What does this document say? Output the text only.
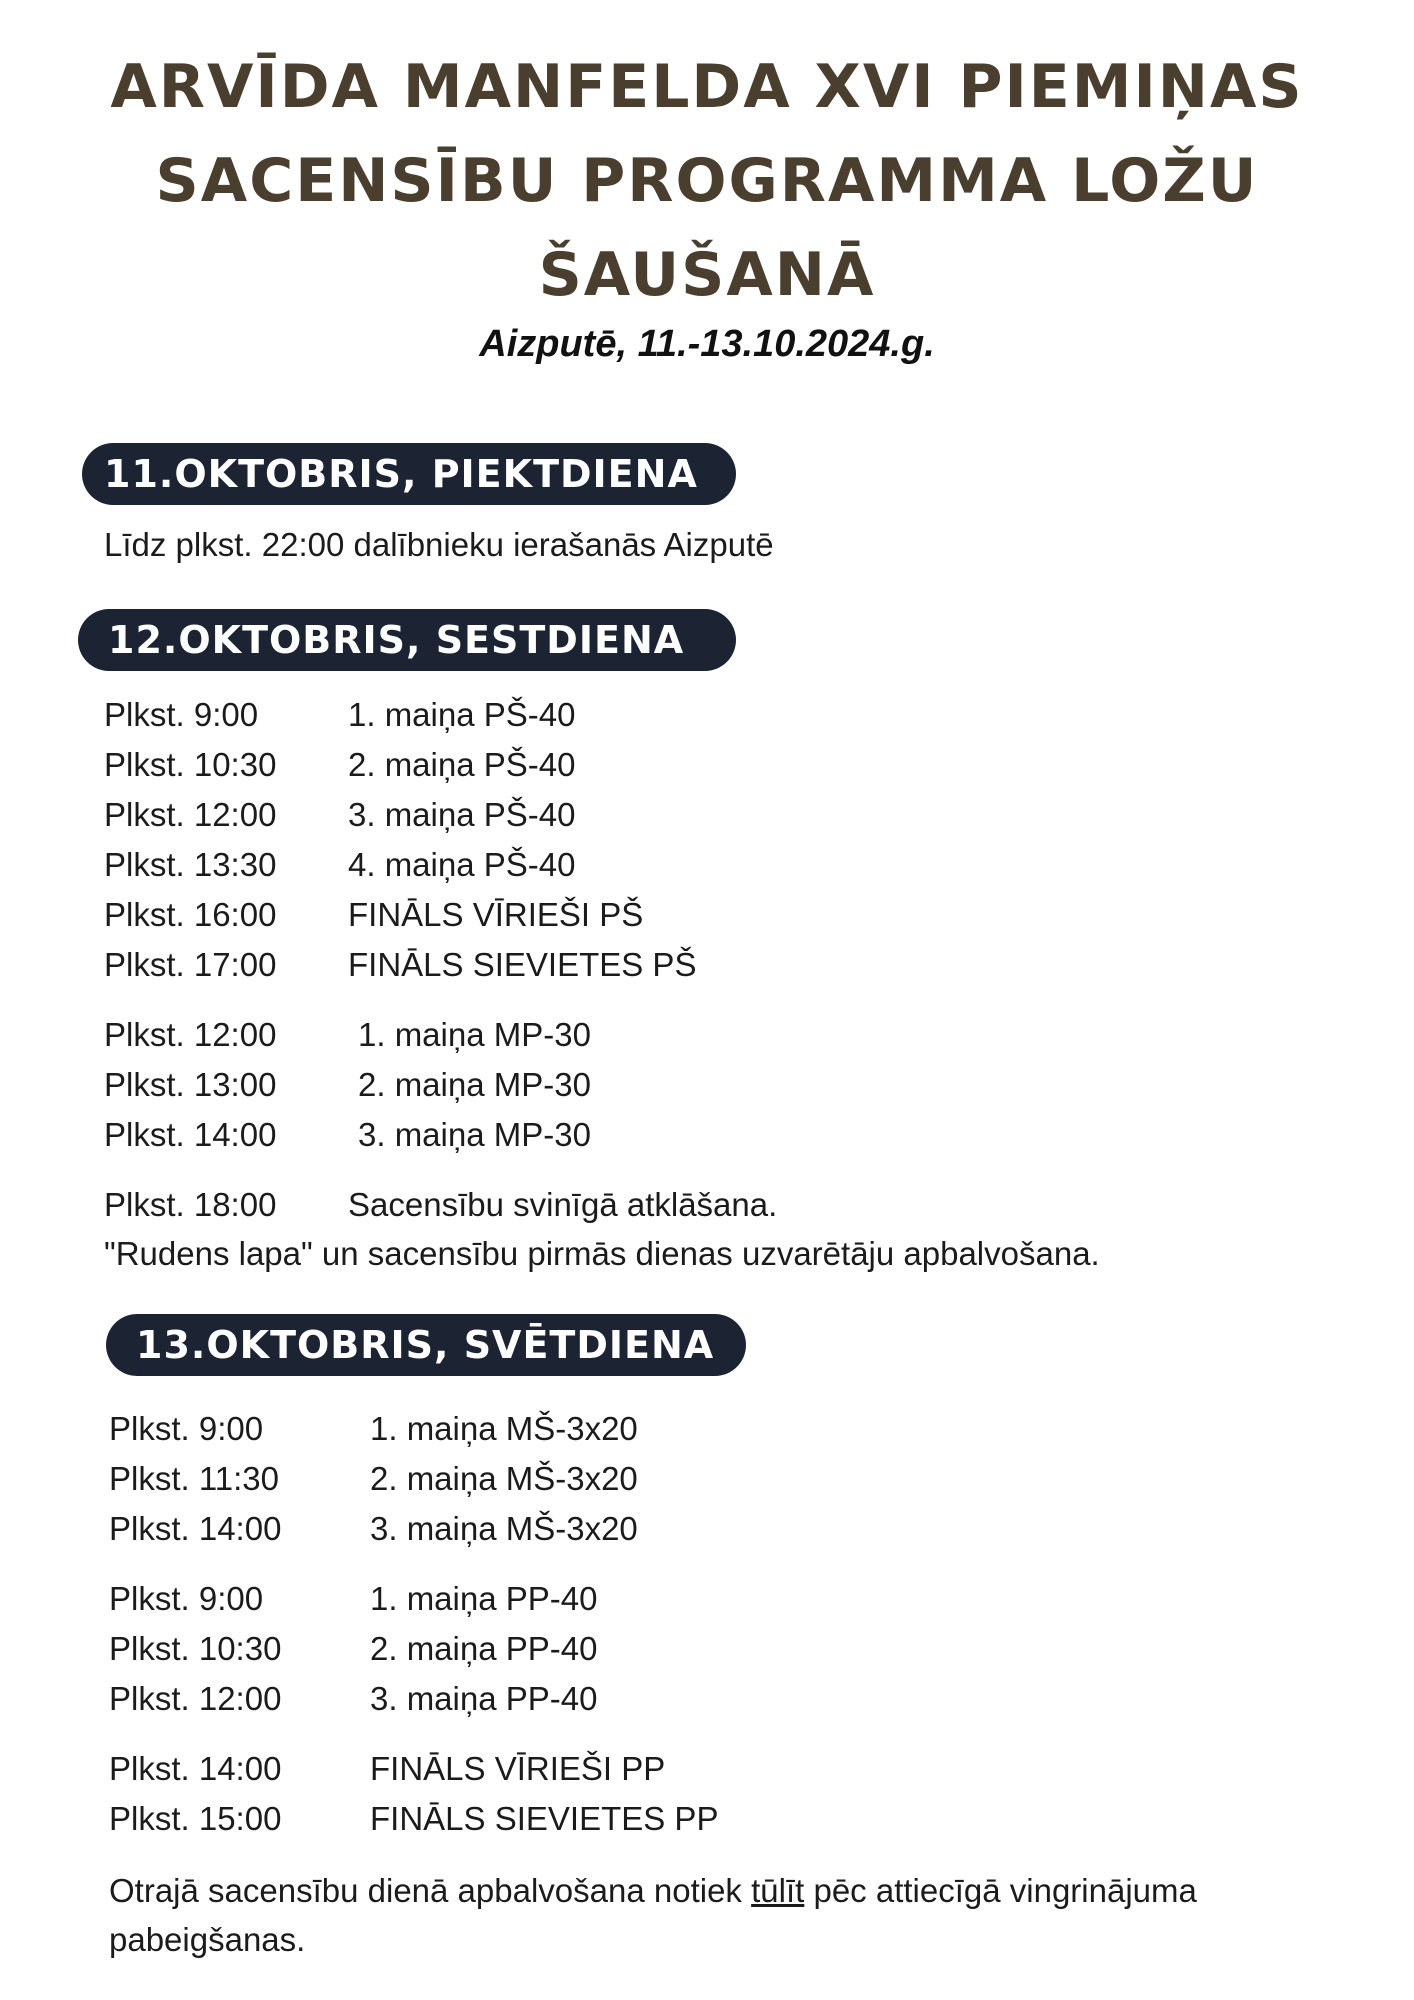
ARVĪDA MANFELDA XVI PIEMIŅAS
SACENSĪBU PROGRAMMA LOŽU
ŠAUŠANĀ

Aizputē, 11.-13.10.2024.g.

11.OKTOBRIS, PIEKTDIENA

Līdz plkst. 22:00 dalībnieku ierašanās Aizputē

12.OKTOBRIS, SESTDIENA
Plkst. 9:00	1. maiņa PŠ-40
Plkst. 10:30 2. maiņa PŠ-40
Plkst. 12:00 3. maiņa PŠ-40
Plkst. 13:30 4. maiņa PŠ-40
Plkst. 16:00 FINĀLS VĪRIEŠI PŠ
Plkst. 17:00 FINĀLS SIEVIETES PŠ
Plkst. 12:00 1. maiņa MP-30
Plkst. 13:00 2. maiņa MP-30
Plkst. 14:00 3. maiņa MP-30
Plkst. 18:00 Sacensību svinīgā atklāšana.

"Rudens lapa" un sacensību pirmās dienas uzvarētāju apbalvošana.

13.OKTOBRIS, SVĒTDIENA
Plkst. 9:00	1. maiņa MŠ-3x20
Plkst. 11:30	2. maiņa MŠ-3x20
Plkst. 14:00	3. maiņa MŠ-3x20
Plkst. 9:00	1. maiņa PP-40
Plkst. 10:30	2. maiņa PP-40
Plkst. 12:00	3. maiņa PP-40
Plkst. 14:00	FINĀLS VĪRIEŠI PP
Plkst. 15:00	FINĀLS SIEVIETES PP

Otrajā sacensību dienā apbalvošana notiek tūlīt pēc attiecīgā vingrinājuma
pabeigšanas.
